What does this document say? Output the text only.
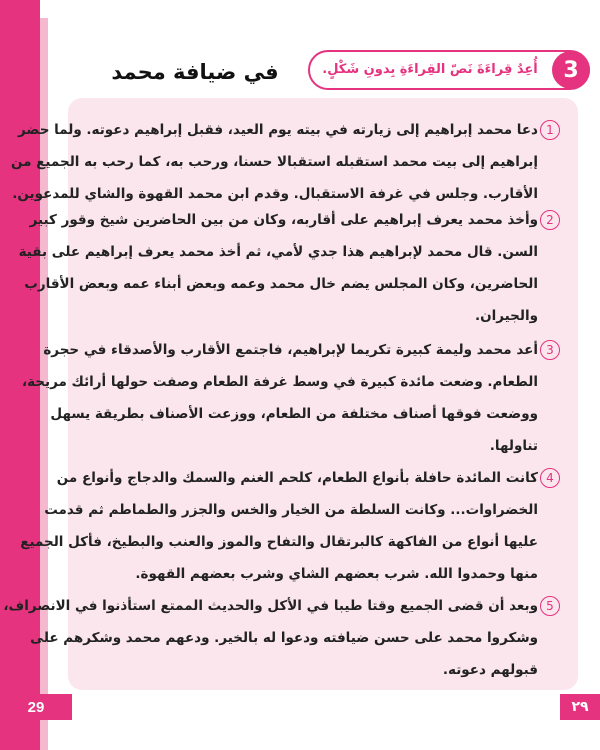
في ضيافة محمد	أُعِدُ قِراءَةَ نَصّ القِراءَةِ بِدونِ شَكْلٍ.	3
1
دعا محمد إبراهيم إلى زيارته في بيته يوم العيد، فقبل إبراهيم دعوته. ولما حضر
إبراهيم إلى بيت محمد استقبله استقبالا حسنا، ورحب به، كما رحب به الجميع من
الأقارب. وجلس في غرفة الاستقبال. وقدم ابن محمد القهوة والشاي للمدعوين.
2
وأخذ محمد يعرف إبراهيم على أقاربه، وكان من بين الحاضرين شيخ وقور كبير
السن. قال محمد لإبراهيم هذا جدي لأمي، ثم أخذ محمد يعرف إبراهيم على بقية
الحاضرين، وكان المجلس يضم خال محمد وعمه وبعض أبناء عمه وبعض الأقارب
والجيران.
3
أعد محمد وليمة كبيرة تكريما لإبراهيم، فاجتمع الأقارب والأصدقاء في حجرة
الطعام. وضعت مائدة كبيرة في وسط غرفة الطعام وصفت حولها أرائك مريحة،
ووضعت فوقها أصناف مختلفة من الطعام، ووزعت الأصناف بطريقة يسهل
تناولها.
4
كانت المائدة حافلة بأنواع الطعام، كلحم الغنم والسمك والدجاج وأنواع من
الخضراوات... وكانت السلطة من الخيار والخس والجزر والطماطم ثم قدمت
عليها أنواع من الفاكهة كالبرتقال والتفاح والموز والعنب والبطيخ، فأكل الجميع
منها وحمدوا الله. شرب بعضهم الشاي وشرب بعضهم القهوة.
5
وبعد أن قضى الجميع وقتا طيبا في الأكل والحديث الممتع استأذنوا في الانصراف،
وشكروا محمد على حسن ضيافته ودعوا له بالخير. ودعهم محمد وشكرهم على
قبولهم دعوته.
29	٢٩
